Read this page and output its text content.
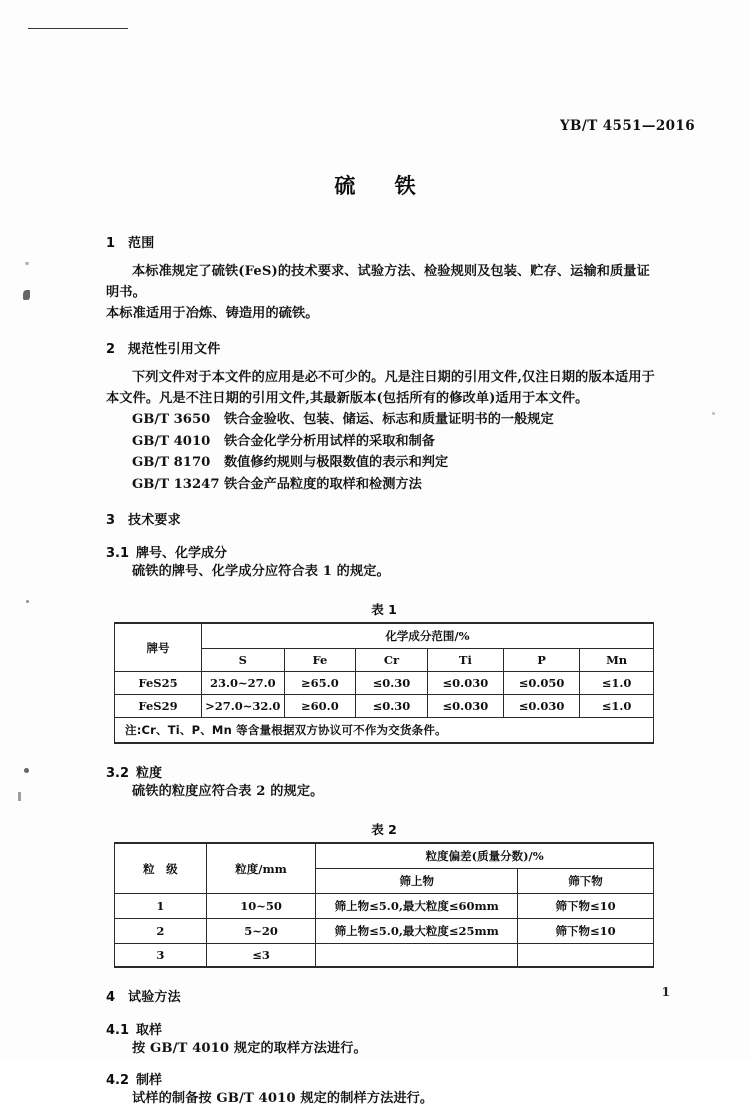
YB/T 4551—2016
硫 铁
1 范围

本标准规定了硫铁(FeS)的技术要求、试验方法、检验规则及包装、贮存、运输和质量证明书。

本标准适用于冶炼、铸造用的硫铁。

2 规范性引用文件

下列文件对于本文件的应用是必不可少的。凡是注日期的引用文件,仅注日期的版本适用于本文件。凡是不注日期的引用文件,其最新版本(包括所有的修改单)适用于本文件。

GB/T 3650 铁合金验收、包装、储运、标志和质量证明书的一般规定
GB/T 4010 铁合金化学分析用试样的采取和制备
GB/T 8170 数值修约规则与极限数值的表示和判定
GB/T 13247 铁合金产品粒度的取样和检测方法
3 技术要求
3.1 牌号、化学成分

硫铁的牌号、化学成分应符合表 1 的规定。

表 1
牌号	化学成分范围/%					
	S	Fe	Cr	Ti	P	Mn
FeS25	23.0~27.0	≥65.0	≤0.30	≤0.030	≤0.050	≤1.0
FeS29	>27.0~32.0	≥60.0	≤0.30	≤0.030	≤0.030	≤1.0
注:Cr、Ti、P、Mn 等含量根据双方协议可不作为交货条件。						
3.2 粒度

硫铁的粒度应符合表 2 的规定。

表 2
粒　级	粒度/mm	粒度偏差(质量分数)/%	
		筛上物	筛下物
1	10~50	筛上物≤5.0,最大粒度≤60mm	筛下物≤10
2	5~20	筛上物≤5.0,最大粒度≤25mm	筛下物≤10
3	≤3		
4 试验方法
4.1 取样

按 GB/T 4010 规定的取样方法进行。

4.2 制样

试样的制备按 GB/T 4010 规定的制样方法进行。

1
